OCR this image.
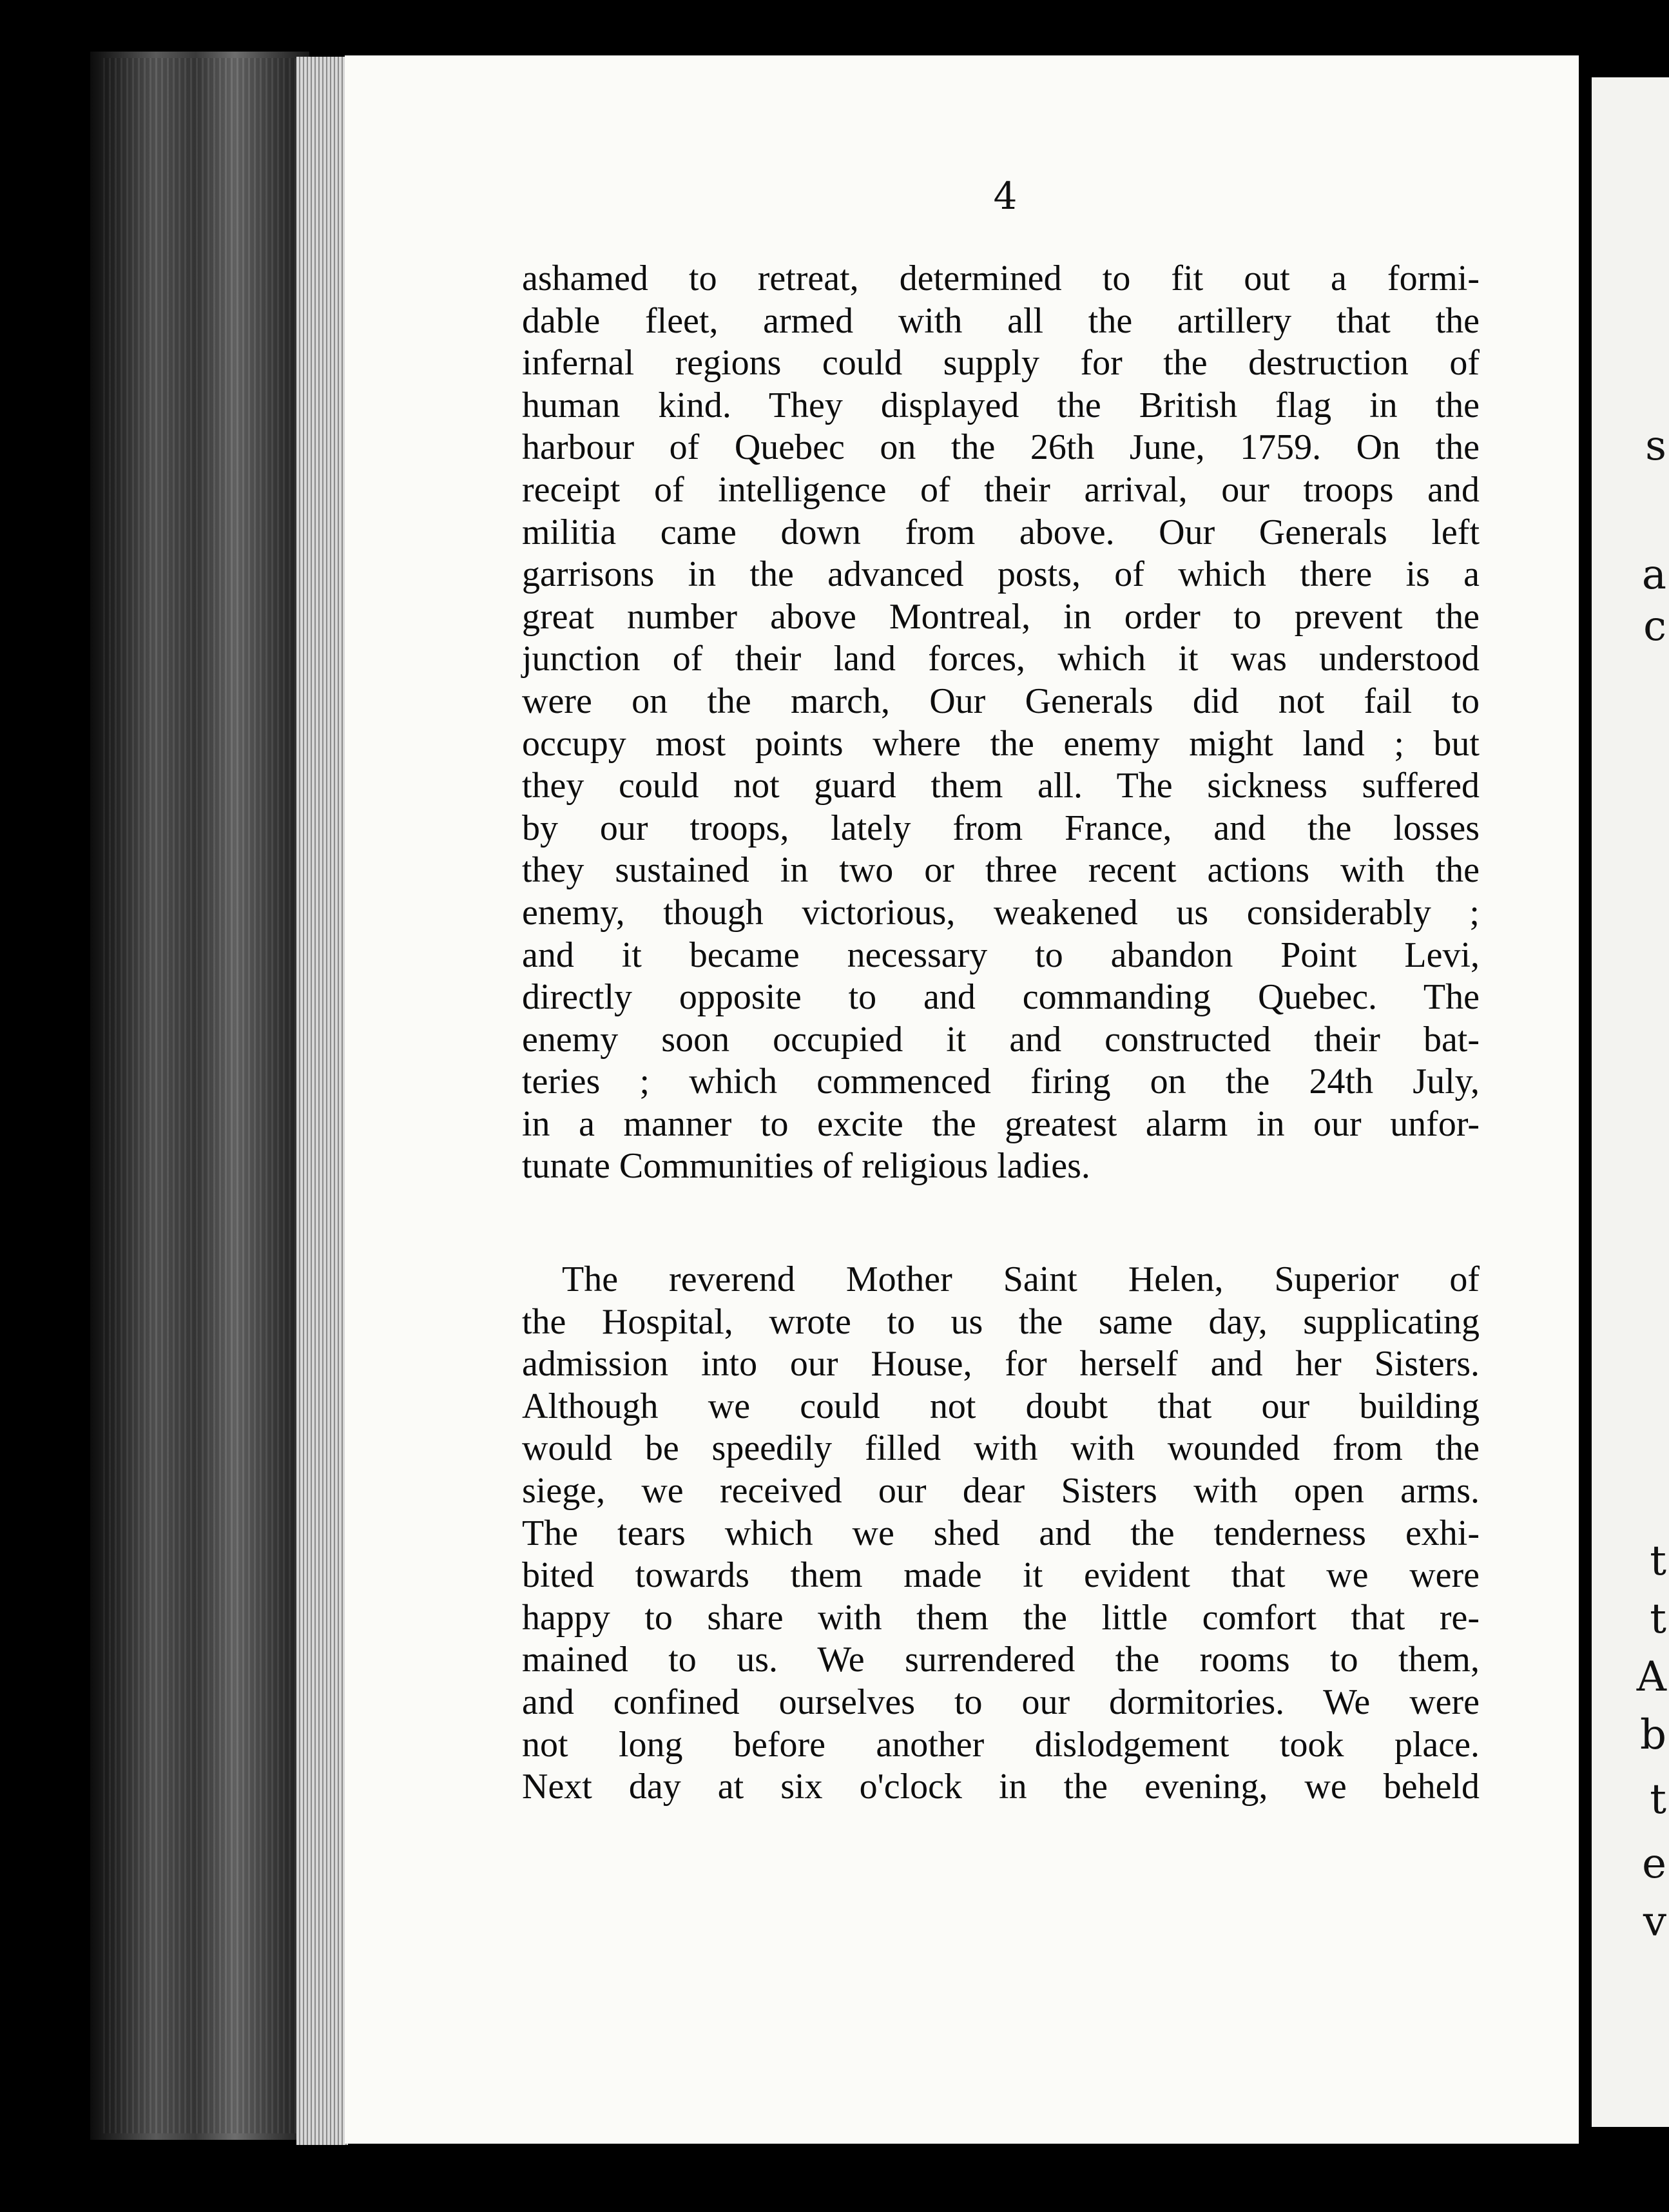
s
a
c
t
t
A
b
t
e
v
4
ashamed to retreat, determined to fit out a formi-
dable fleet, armed with all the artillery that the
infernal regions could supply for the destruction of
human kind. They displayed the British flag in the
harbour of Quebec on the 26th June, 1759. On the
receipt of intelligence of their arrival, our troops and
militia came down from above. Our Generals left
garrisons in the advanced posts, of which there is a
great number above Montreal, in order to prevent the
junction of their land forces, which it was understood
were on the march, Our Generals did not fail to
occupy most points where the enemy might land ; but
they could not guard them all. The sickness suffered
by our troops, lately from France, and the losses
they sustained in two or three recent actions with the
enemy, though victorious, weakened us considerably ;
and it became necessary to abandon Point Levi,
directly opposite to and commanding Quebec. The
enemy soon occupied it and constructed their bat-
teries ; which commenced firing on the 24th July,
in a manner to excite the greatest alarm in our unfor-
tunate Communities of religious ladies.
The reverend Mother Saint Helen, Superior of
the Hospital, wrote to us the same day, supplicating
admission into our House, for herself and her Sisters.
Although we could not doubt that our building
would be speedily filled with with wounded from the
siege, we received our dear Sisters with open arms.
The tears which we shed and the tenderness exhi-
bited towards them made it evident that we were
happy to share with them the little comfort that re-
mained to us. We surrendered the rooms to them,
and confined ourselves to our dormitories. We were
not long before another dislodgement took place.
Next day at six o'clock in the evening, we beheld
